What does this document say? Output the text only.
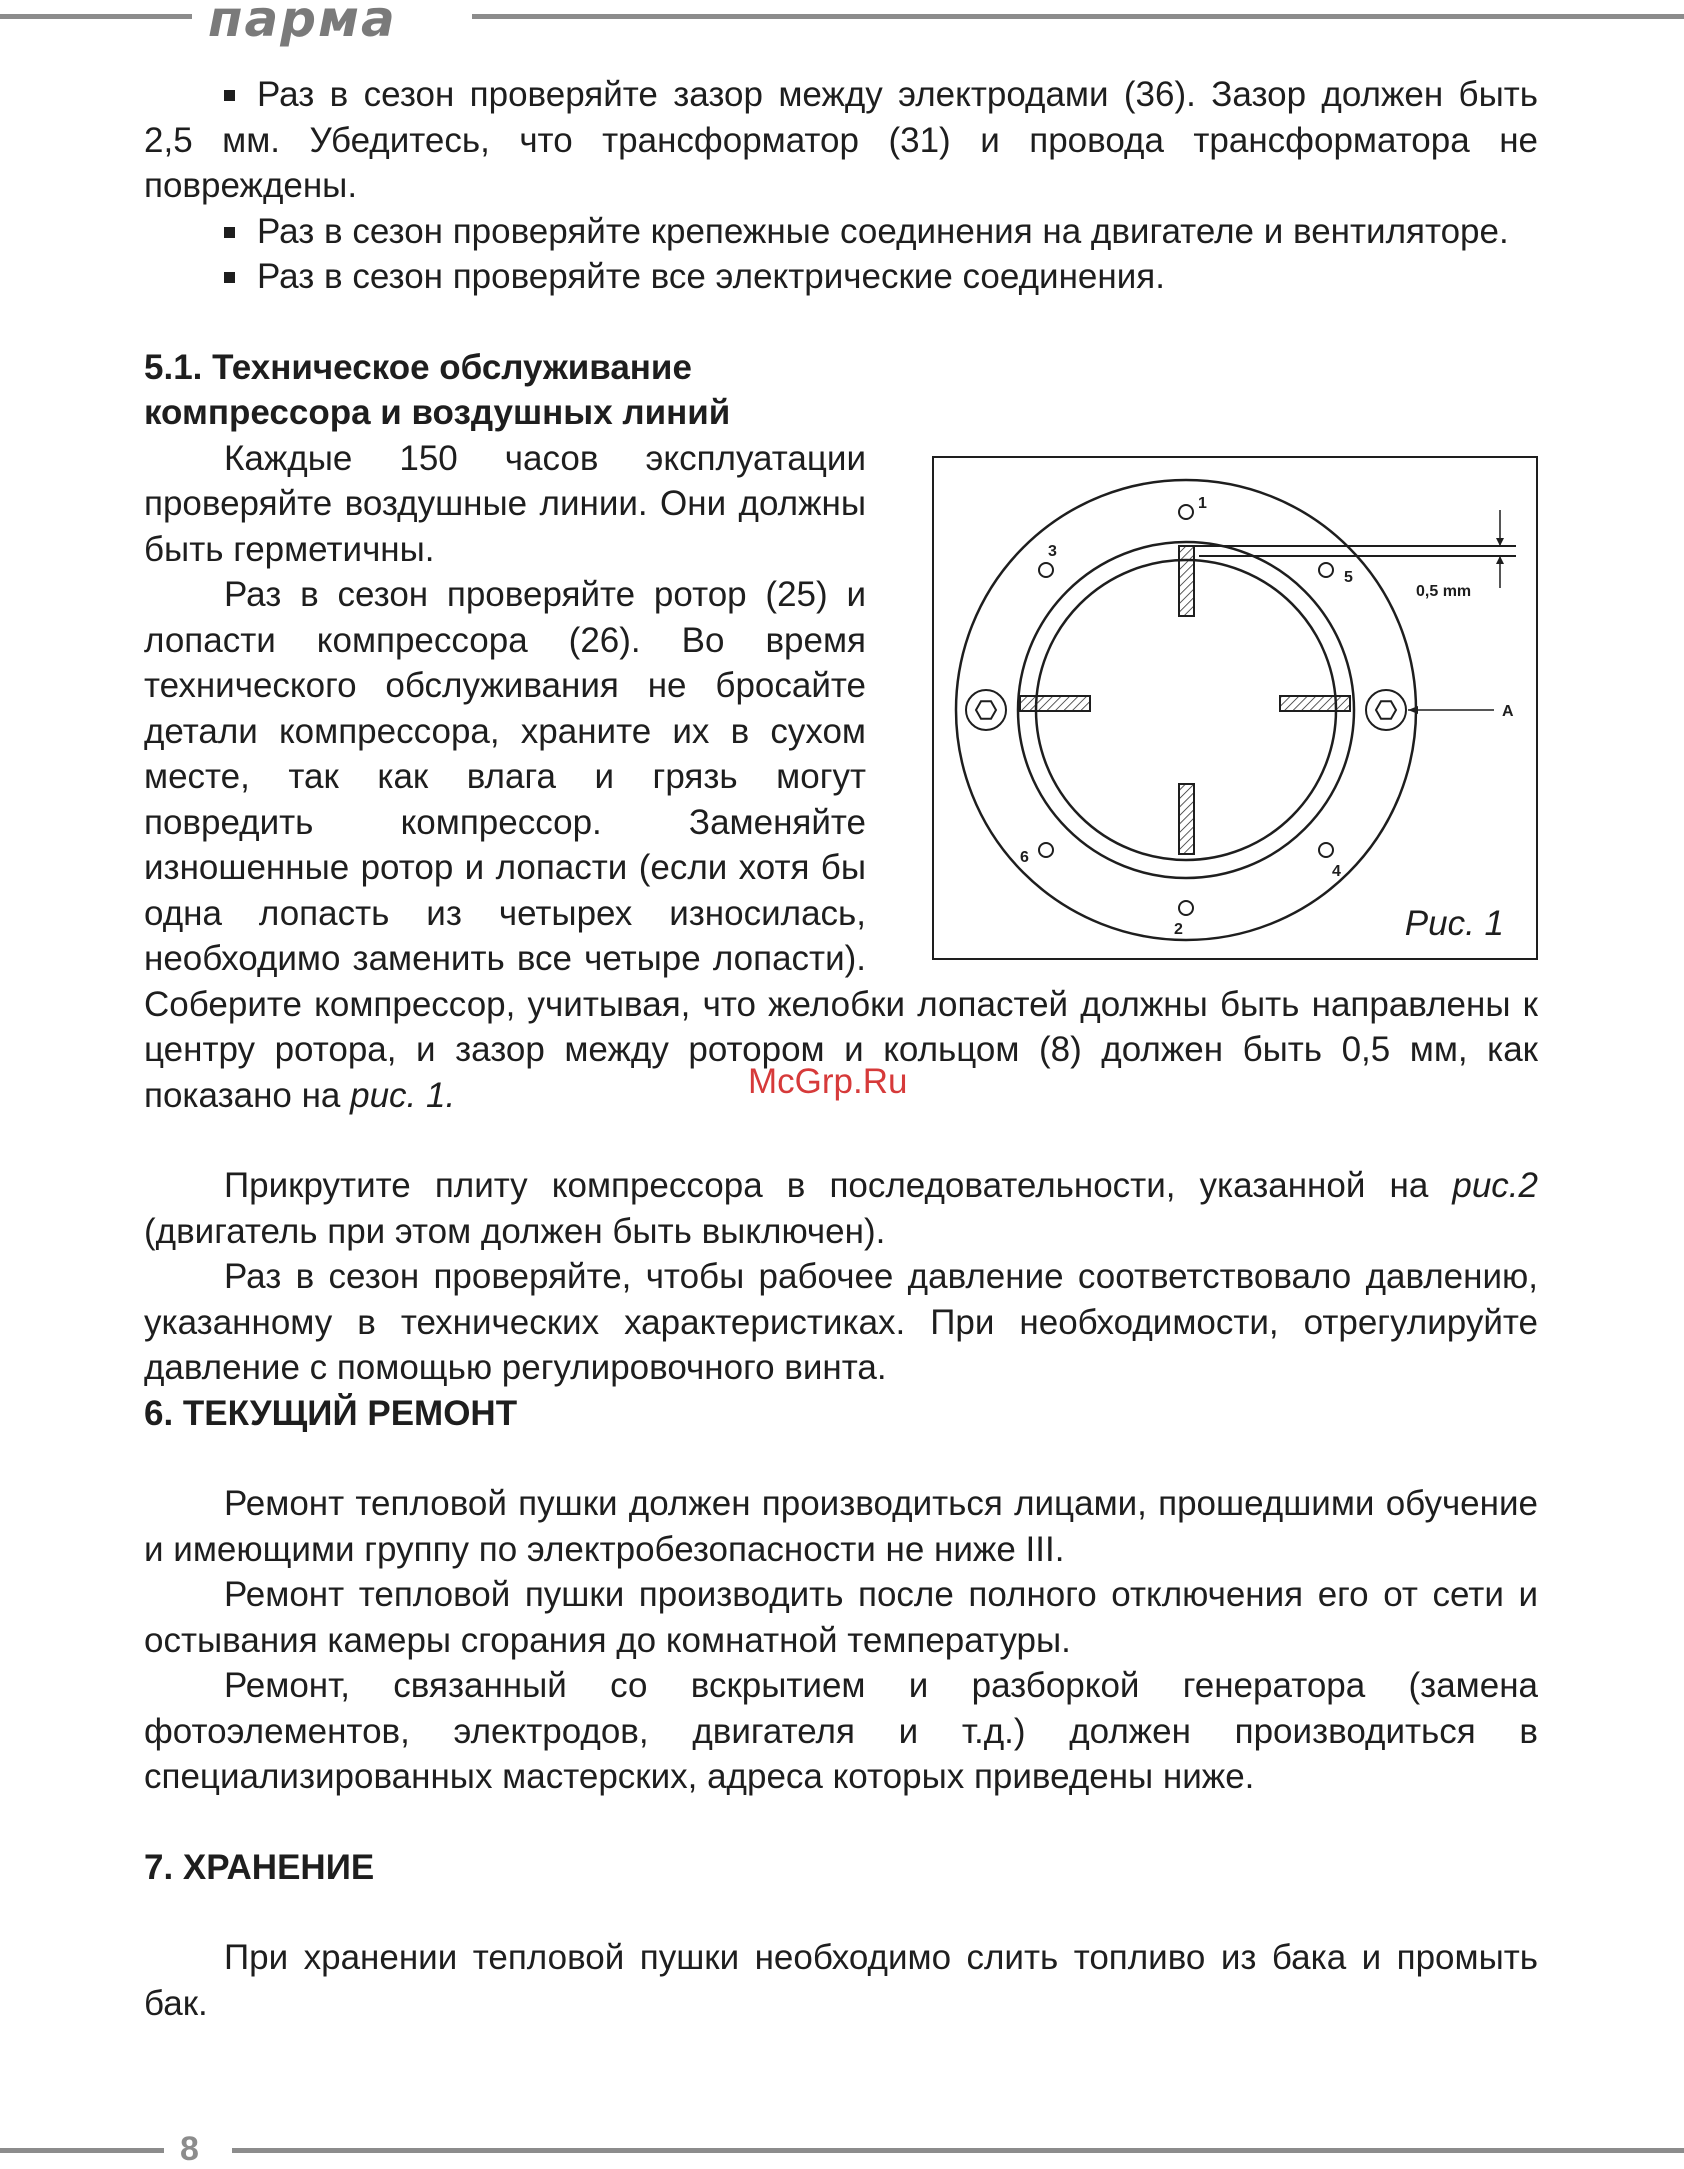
парма

Раз в сезон проверяйте зазор между электродами (36). Зазор должен быть 2,5 мм. Убедитесь, что трансформатор (31) и провода трансформатора не повреждены.

Раз в сезон проверяйте крепежные соединения на двигателе и вентиляторе.

Раз в сезон проверяйте все электрические соединения.

5.1. Техническое обслуживание
компрессора и воздушных линий
1
2
3
4
5
6
0,5 mm
A
Рис. 1

Каждые 150 часов эксплуатации проверяйте воздушные линии. Они должны быть герметичны.

Раз в сезон проверяйте ротор (25) и лопасти компрессора (26). Во время технического обслуживания не бросайте детали компрессора, храните их в сухом месте, так как влага и грязь могут повредить компрессор. Заменяйте изношенные ротор и лопасти (если хотя бы одна лопасть из четырех износилась, необходимо заменить все четыре лопасти). Соберите компрессор, учитывая, что желобки лопастей должны быть направлены к центру ротора, и зазор между ротором и кольцом (8) должен быть 0,5 мм, как показано на рис. 1.

Прикрутите плиту компрессора в последовательности, указанной на рис.2 (двигатель при этом должен быть выключен).

Раз в сезон проверяйте, чтобы рабочее давление соответствовало давлению, указанному в технических характеристиках. При необходимости, отрегулируйте давление с помощью регулировочного винта.

6. ТЕКУЩИЙ РЕМОНТ

Ремонт тепловой пушки должен производиться лицами, прошедшими обучение и имеющими группу по электробезопасности не ниже III.

Ремонт тепловой пушки производить после полного отключения его от сети и остывания камеры сгорания до комнатной температуры.

Ремонт, связанный со вскрытием и разборкой генератора (замена фотоэлементов, электродов, двигателя и т.д.) должен производиться в специализированных мастерских, адреса которых приведены ниже.

7. ХРАНЕНИЕ

При хранении тепловой пушки необходимо слить топливо из бака и промыть бак.

McGrp.Ru
8
